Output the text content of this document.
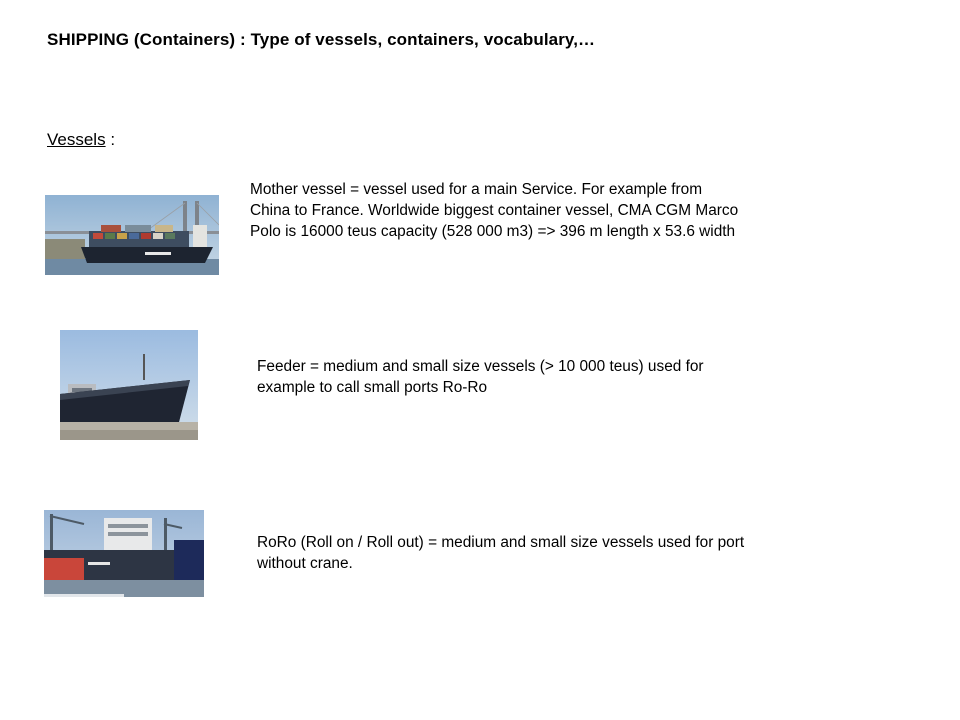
SHIPPING (Containers) : Type of vessels, containers, vocabulary,…
Vessels :
Mother vessel = vessel used for a main Service. For example from
China to France. Worldwide biggest container vessel, CMA CGM Marco
Polo is 16000 teus capacity (528 000 m3) => 396 m length x 53.6 width
Feeder = medium and small size vessels (> 10 000 teus) used for
example to call small ports Ro-Ro
RoRo (Roll on / Roll out) = medium and small size vessels used for port
without crane.
